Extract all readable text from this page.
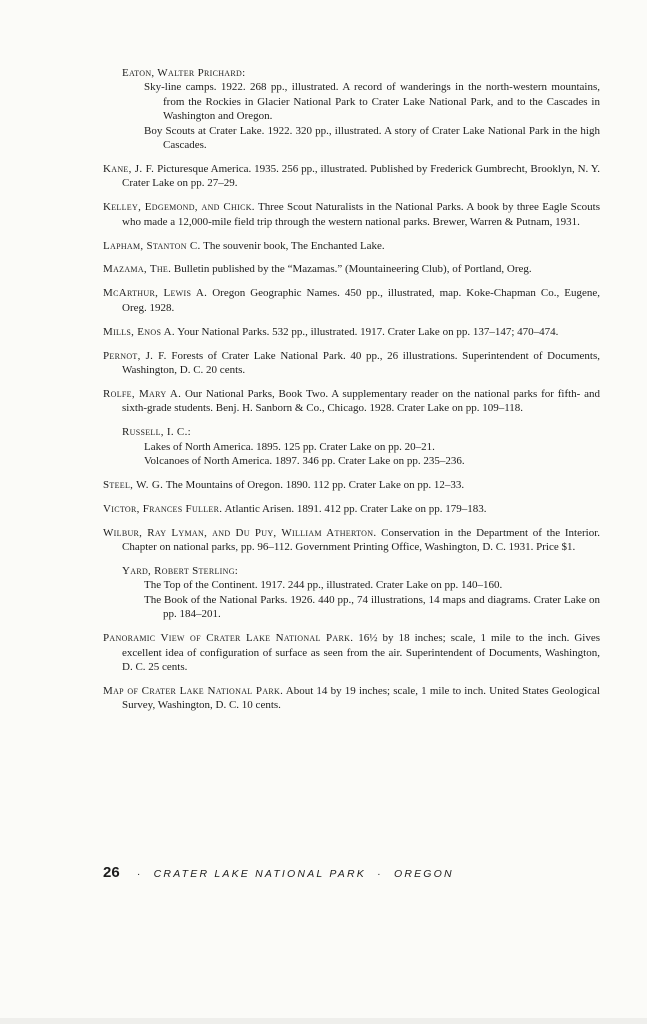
Eaton, Walter Prichard:

Sky-line camps. 1922. 268 pp., illustrated. A record of wanderings in the north-western mountains, from the Rockies in Glacier National Park to Crater Lake National Park, and to the Cascades in Washington and Oregon.

Boy Scouts at Crater Lake. 1922. 320 pp., illustrated. A story of Crater Lake National Park in the high Cascades.

Kane, J. F. Picturesque America. 1935. 256 pp., illustrated. Published by Frederick Gumbrecht, Brooklyn, N. Y. Crater Lake on pp. 27–29.
Kelley, Edgemond, and Chick. Three Scout Naturalists in the National Parks. A book by three Eagle Scouts who made a 12,000-mile field trip through the western national parks. Brewer, Warren & Putnam, 1931.
Lapham, Stanton C. The souvenir book, The Enchanted Lake.
Mazama, The. Bulletin published by the “Mazamas.” (Mountaineering Club), of Portland, Oreg.
McArthur, Lewis A. Oregon Geographic Names. 450 pp., illustrated, map. Koke-Chapman Co., Eugene, Oreg. 1928.
Mills, Enos A. Your National Parks. 532 pp., illustrated. 1917. Crater Lake on pp. 137–147; 470–474.
Pernot, J. F. Forests of Crater Lake National Park. 40 pp., 26 illustrations. Superintendent of Documents, Washington, D. C. 20 cents.
Rolfe, Mary A. Our National Parks, Book Two. A supplementary reader on the national parks for fifth- and sixth-grade students. Benj. H. Sanborn & Co., Chicago. 1928. Crater Lake on pp. 109–118.

Russell, I. C.:

Lakes of North America. 1895. 125 pp. Crater Lake on pp. 20–21.

Volcanoes of North America. 1897. 346 pp. Crater Lake on pp. 235–236.

Steel, W. G. The Mountains of Oregon. 1890. 112 pp. Crater Lake on pp. 12–33.
Victor, Frances Fuller. Atlantic Arisen. 1891. 412 pp. Crater Lake on pp. 179–183.
Wilbur, Ray Lyman, and Du Puy, William Atherton. Conservation in the Department of the Interior. Chapter on national parks, pp. 96–112. Government Printing Office, Washington, D. C. 1931. Price $1.

Yard, Robert Sterling:

The Top of the Continent. 1917. 244 pp., illustrated. Crater Lake on pp. 140–160.

The Book of the National Parks. 1926. 440 pp., 74 illustrations, 14 maps and diagrams. Crater Lake on pp. 184–201.

Panoramic View of Crater Lake National Park. 16½ by 18 inches; scale, 1 mile to the inch. Gives excellent idea of configuration of surface as seen from the air. Superintendent of Documents, Washington, D. C. 25 cents.
Map of Crater Lake National Park. About 14 by 19 inches; scale, 1 mile to inch. United States Geological Survey, Washington, D. C. 10 cents.
26 · CRATER LAKE NATIONAL PARK · OREGON
